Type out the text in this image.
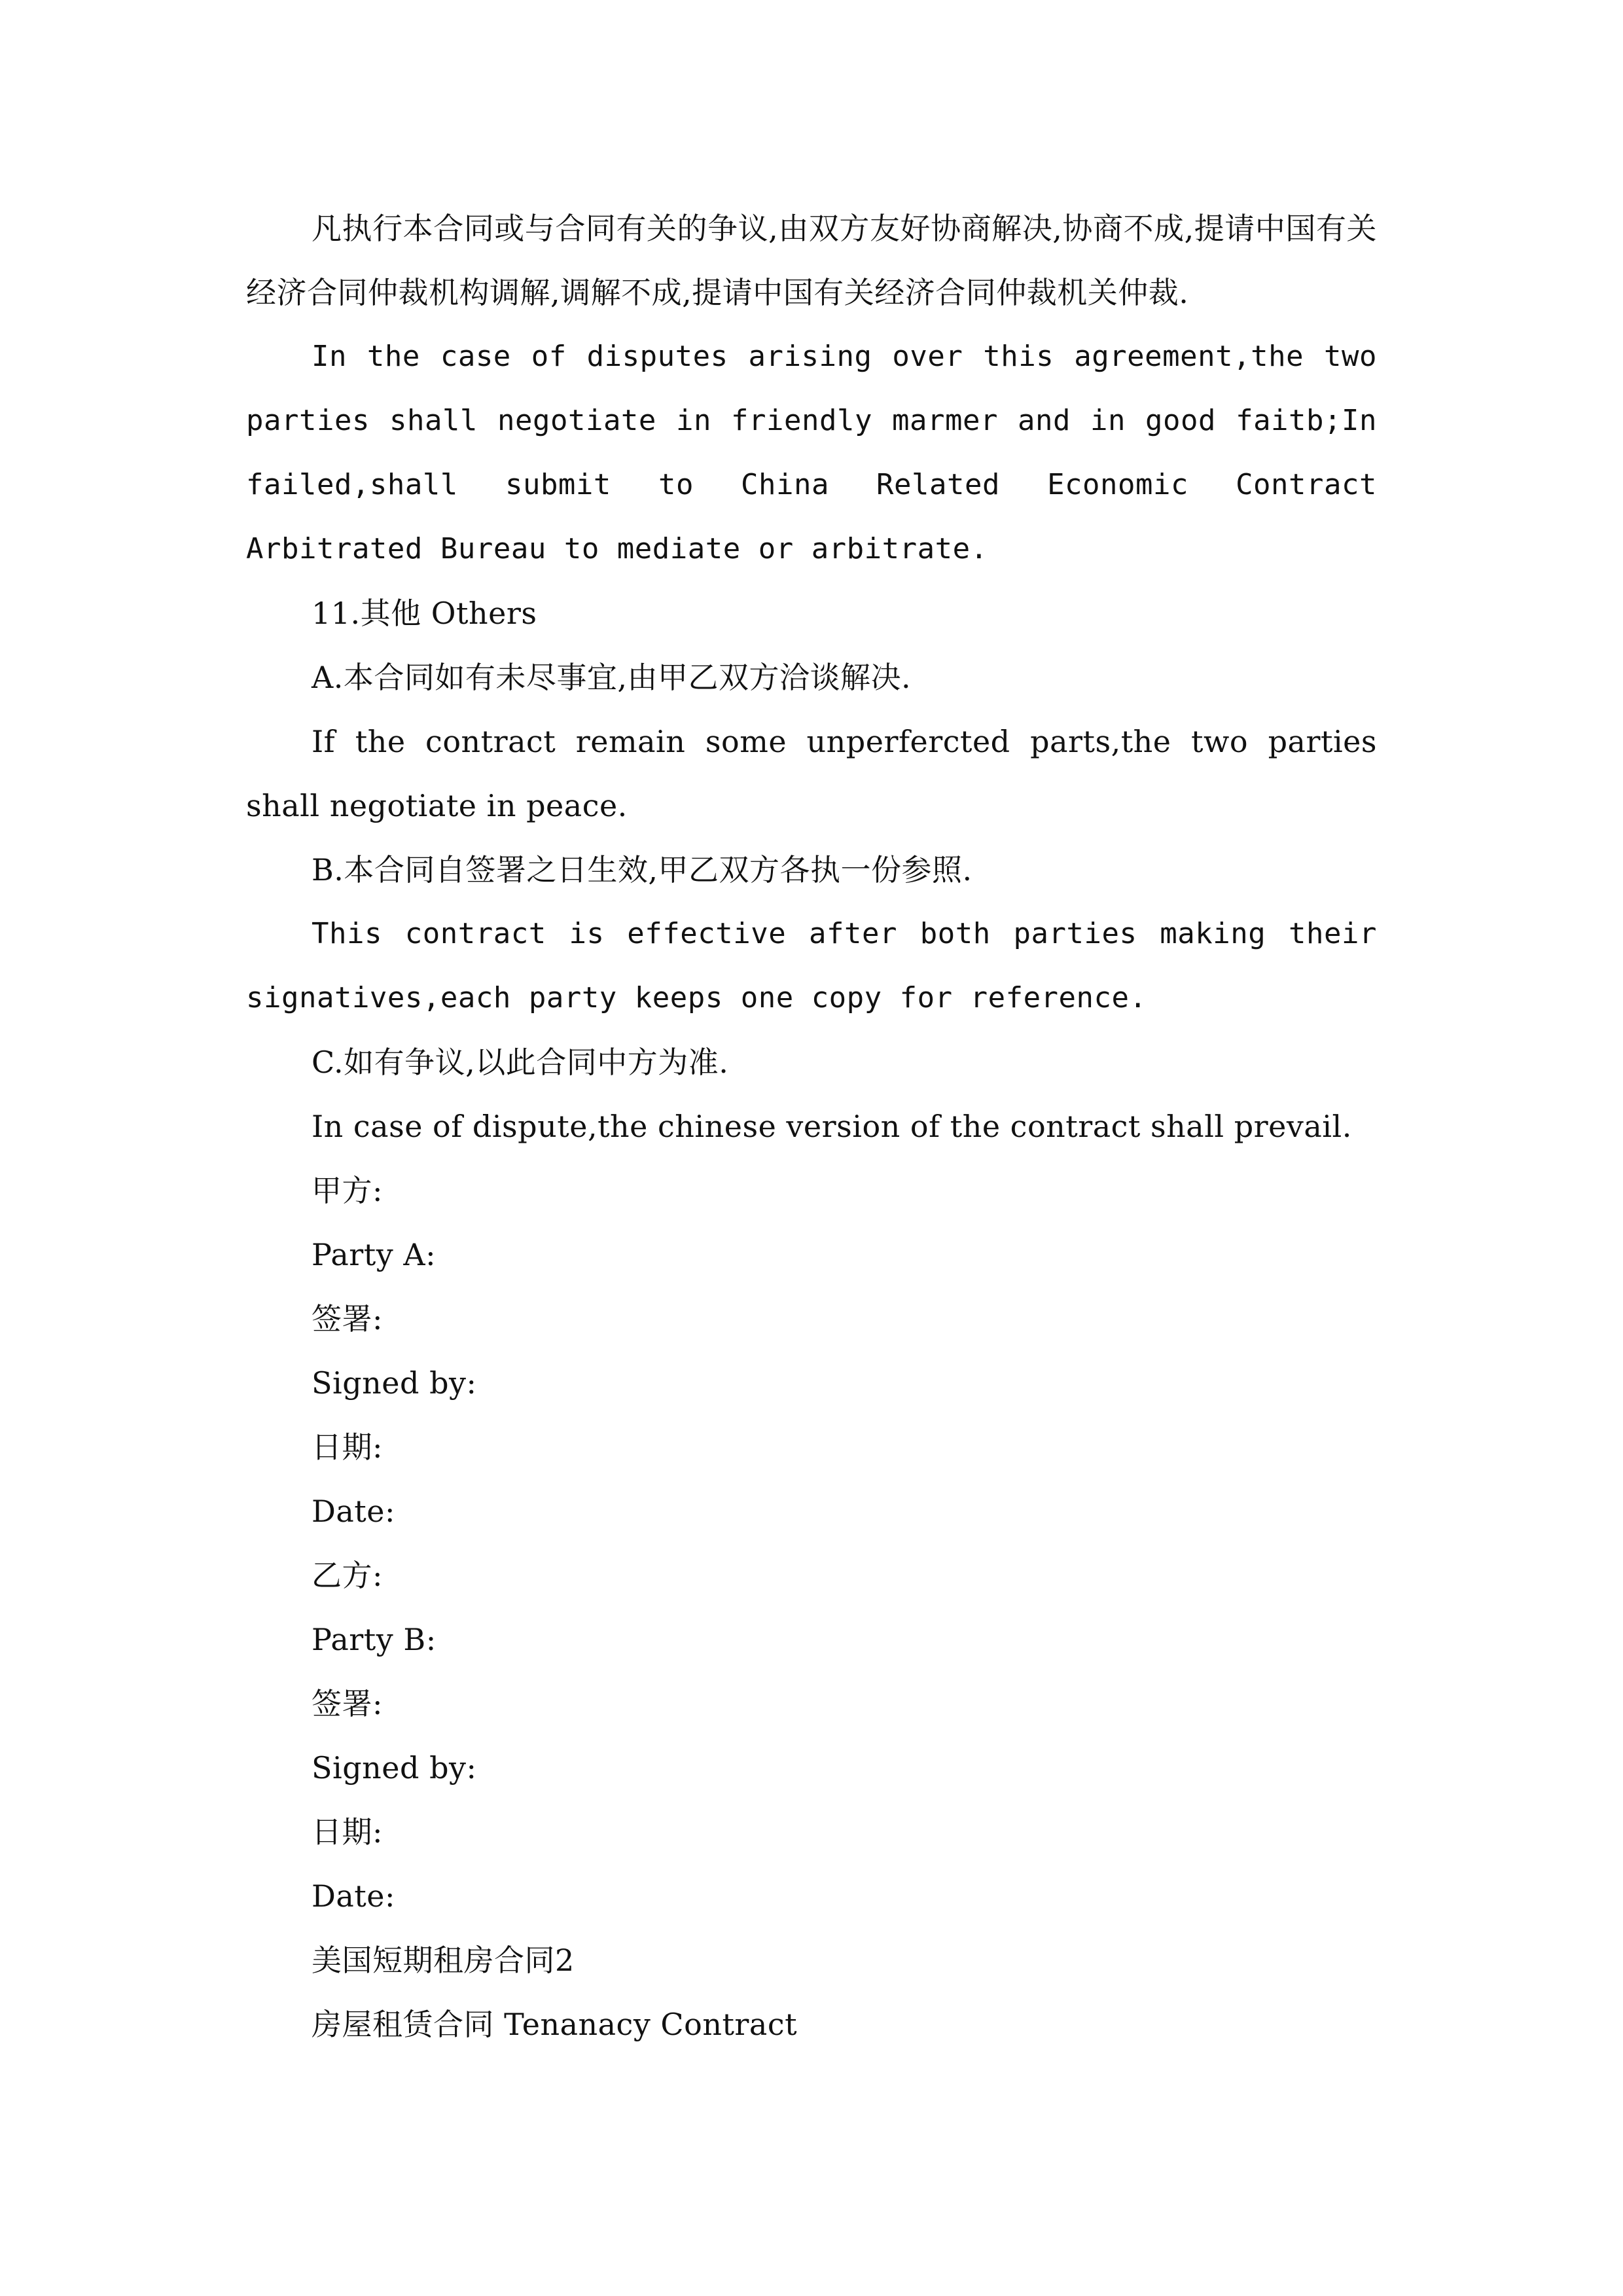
凡执行本合同或与合同有关的争议,由双方友好协商解决,协商不成,提请中国有关经济合同仲裁机构调解,调解不成,提请中国有关经济合同仲裁机关仲裁.

In the case of disputes arising over this agreement,the two parties shall negotiate in friendly marmer and in good faitb;In failed,shall submit to China Related Economic Contract Arbitrated Bureau to mediate or arbitrate.

11.其他 Others

A.本合同如有未尽事宜,由甲乙双方洽谈解决.

If the contract remain some unperfercted parts,the two parties shall negotiate in peace.

B.本合同自签署之日生效,甲乙双方各执一份参照.

This contract is effective after both parties making their signatives,each party keeps one copy for reference.

C.如有争议,以此合同中方为准.

In case of dispute,the chinese version of the contract shall prevail.

甲方:

Party A:

签署:

Signed by:

日期:

Date:

乙方:

Party B:

签署:

Signed by:

日期:

Date:

美国短期租房合同2

房屋租赁合同 Tenanacy Contract
